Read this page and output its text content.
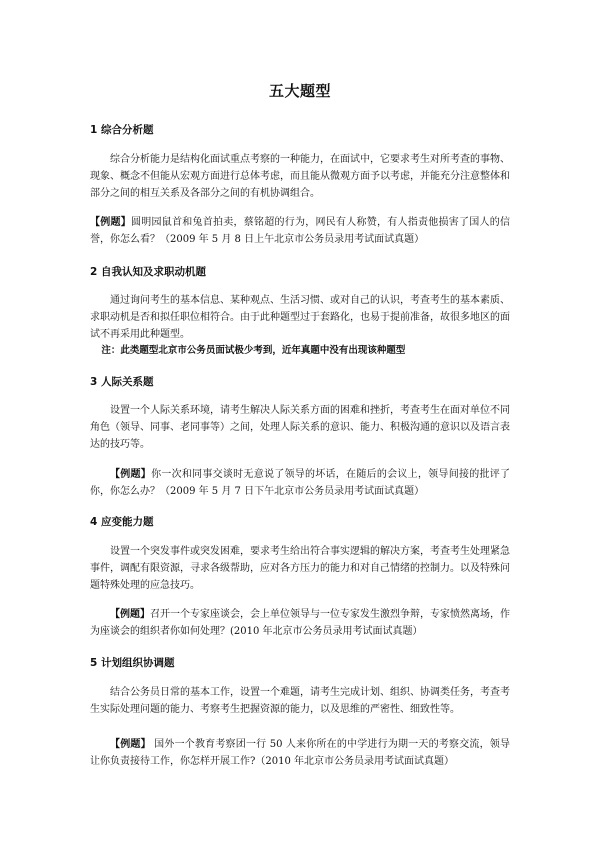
五大题型

1 综合分析题

综合分析能力是结构化面试重点考察的一种能力，在面试中，它要求考生对所考查的事物、现象、概念不但能从宏观方面进行总体考虑，而且能从微观方面予以考虑，并能充分注意整体和部分之间的相互关系及各部分之间的有机协调组合。

【例题】圆明园鼠首和兔首拍卖，蔡铭超的行为，网民有人称赞，有人指责他损害了国人的信誉，你怎么看？（2009 年 5 月 8 日上午北京市公务员录用考试面试真题）

2 自我认知及求职动机题

通过询问考生的基本信息、某种观点、生活习惯、或对自己的认识，考查考生的基本素质、求职动机是否和拟任职位相符合。由于此种题型过于套路化，也易于提前准备，故很多地区的面试不再采用此种题型。

注：此类题型北京市公务员面试极少考到，近年真题中没有出现该种题型

3 人际关系题

设置一个人际关系环境，请考生解决人际关系方面的困难和挫折，考查考生在面对单位不同角色（领导、同事、老同事等）之间，处理人际关系的意识、能力、积极沟通的意识以及语言表达的技巧等。

【例题】你一次和同事交谈时无意说了领导的坏话，在随后的会议上，领导间接的批评了你，你怎么办？（2009 年 5 月 7 日下午北京市公务员录用考试面试真题）

4 应变能力题

设置一个突发事件或突发困难，要求考生给出符合事实逻辑的解决方案，考查考生处理紧急事件，调配有限资源，寻求各级帮助，应对各方压力的能力和对自己情绪的控制力。以及特殊问题特殊处理的应急技巧。

【例题】召开一个专家座谈会，会上单位领导与一位专家发生激烈争辩，专家愤然离场，作为座谈会的组织者你如何处理？(2010 年北京市公务员录用考试面试真题）

5 计划组织协调题

结合公务员日常的基本工作，设置一个难题，请考生完成计划、组织、协调类任务，考查考生实际处理问题的能力、考察考生把握资源的能力，以及思维的严密性、细致性等。

【例题】 国外一个教育考察团一行 50 人来你所在的中学进行为期一天的考察交流，领导让你负责接待工作，你怎样开展工作?（2010 年北京市公务员录用考试面试真题）
